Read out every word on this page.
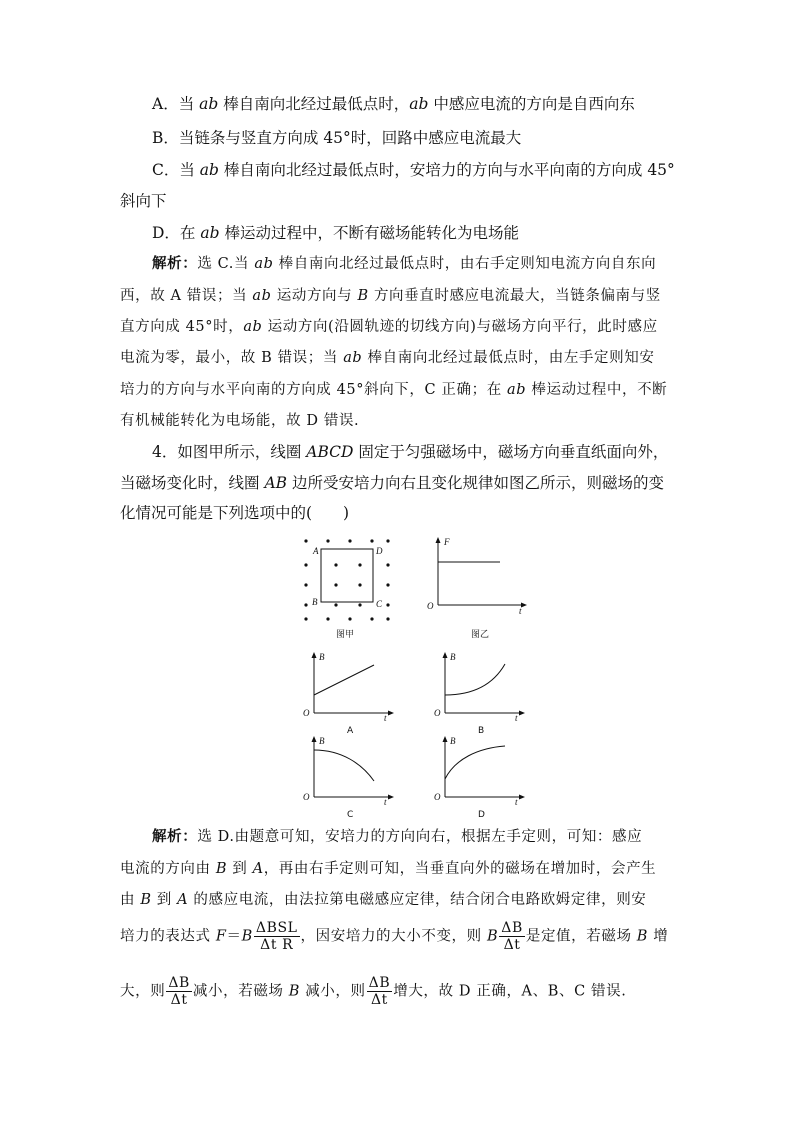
A．当 ab 棒自南向北经过最低点时，ab 中感应电流的方向是自西向东
B．当链条与竖直方向成 45°时，回路中感应电流最大
C．当 ab 棒自南向北经过最低点时，安培力的方向与水平向南的方向成 45°
斜向下
D．在 ab 棒运动过程中，不断有磁场能转化为电场能
解析：选 C.当 ab 棒自南向北经过最低点时，由右手定则知电流方向自东向
西，故 A 错误；当 ab 运动方向与 B 方向垂直时感应电流最大，当链条偏南与竖
直方向成 45°时，ab 运动方向(沿圆轨迹的切线方向)与磁场方向平行，此时感应
电流为零，最小，故 B 错误；当 ab 棒自南向北经过最低点时，由左手定则知安
培力的方向与水平向南的方向成 45°斜向下，C 正确；在 ab 棒运动过程中，不断
有机械能转化为电场能，故 D 错误.
4．如图甲所示，线圈 ABCD 固定于匀强磁场中，磁场方向垂直纸面向外，
当磁场变化时，线圈 AB 边所受安培力向右且变化规律如图乙所示，则磁场的变
化情况可能是下列选项中的(　　)
A	D
B	C
图甲
F
O	t
图乙
B
O	t
A
B
O	t
B
B
O	t
C
B
O	t
D
解析：选 D.由题意可知，安培力的方向向右，根据左手定则，可知：感应
电流的方向由 B 到 A，再由右手定则可知，当垂直向外的磁场在增加时，会产生
由 B 到 A 的感应电流，由法拉第电磁感应定律，结合闭合电路欧姆定律，则安
培力的表达式 $F=B \frac{\text{ΔBSL}}{\text{Δt R}}$ ，因安培力的大小不变，则 B $\frac{\Delta B}{\Delta t}$ 是定值，若磁场 B 增
大，则 $\frac{\Delta B}{\Delta t}$ 减小，若磁场 B 减小，则 $\frac{\Delta B}{\Delta t}$ 增大，故 D 正确，A、B、C 错误.
